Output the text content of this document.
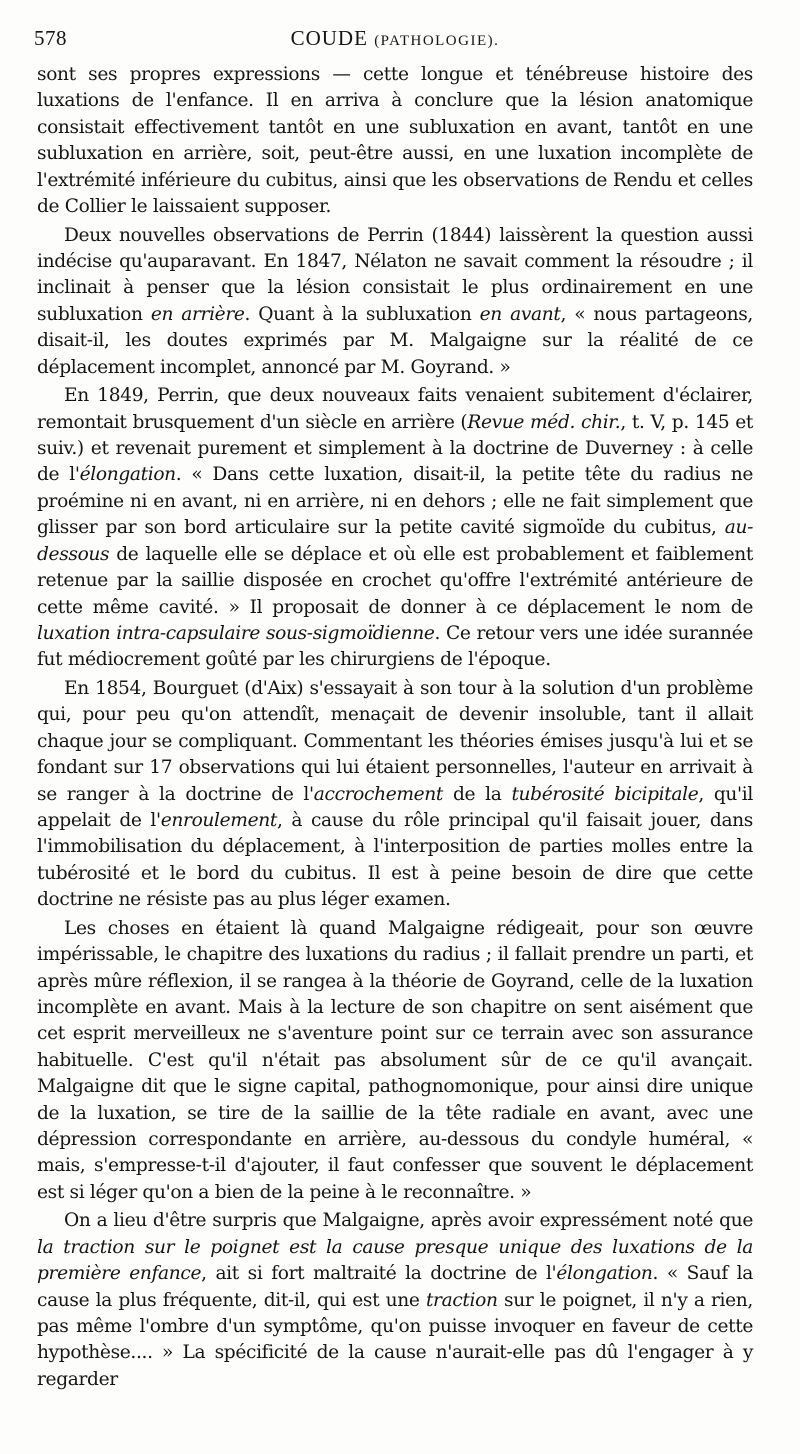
578	COUDE (PATHOLOGIE).

sont ses propres expressions — cette longue et ténébreuse histoire des luxations de l'enfance. Il en arriva à conclure que la lésion anatomique consistait effectivement tantôt en une subluxation en avant, tantôt en une subluxation en arrière, soit, peut-être aussi, en une luxation incomplète de l'extrémité inférieure du cubitus, ainsi que les observations de Rendu et celles de Collier le laissaient supposer.

Deux nouvelles observations de Perrin (1844) laissèrent la question aussi indécise qu'auparavant. En 1847, Nélaton ne savait comment la résoudre ; il inclinait à penser que la lésion consistait le plus ordinairement en une subluxation en arrière. Quant à la subluxation en avant, « nous partageons, disait-il, les doutes exprimés par M. Malgaigne sur la réalité de ce déplacement incomplet, annoncé par M. Goyrand. »

En 1849, Perrin, que deux nouveaux faits venaient subitement d'éclairer, remontait brusquement d'un siècle en arrière (Revue méd. chir., t. V, p. 145 et suiv.) et revenait purement et simplement à la doctrine de Duverney : à celle de l'élongation. « Dans cette luxation, disait-il, la petite tête du radius ne proémine ni en avant, ni en arrière, ni en dehors ; elle ne fait simplement que glisser par son bord articulaire sur la petite cavité sigmoïde du cubitus, au-dessous de laquelle elle se déplace et où elle est probablement et faiblement retenue par la saillie disposée en crochet qu'offre l'extrémité antérieure de cette même cavité. » Il proposait de donner à ce déplacement le nom de luxation intra-capsulaire sous-sigmoïdienne. Ce retour vers une idée surannée fut médiocrement goûté par les chirurgiens de l'époque.

En 1854, Bourguet (d'Aix) s'essayait à son tour à la solution d'un problème qui, pour peu qu'on attendît, menaçait de devenir insoluble, tant il allait chaque jour se compliquant. Commentant les théories émises jusqu'à lui et se fondant sur 17 observations qui lui étaient personnelles, l'auteur en arrivait à se ranger à la doctrine de l'accrochement de la tubérosité bicipitale, qu'il appelait de l'enroulement, à cause du rôle principal qu'il faisait jouer, dans l'immobilisation du déplacement, à l'interposition de parties molles entre la tubérosité et le bord du cubitus. Il est à peine besoin de dire que cette doctrine ne résiste pas au plus léger examen.

Les choses en étaient là quand Malgaigne rédigeait, pour son œuvre impérissable, le chapitre des luxations du radius ; il fallait prendre un parti, et après mûre réflexion, il se rangea à la théorie de Goyrand, celle de la luxation incomplète en avant. Mais à la lecture de son chapitre on sent aisément que cet esprit merveilleux ne s'aventure point sur ce terrain avec son assurance habituelle. C'est qu'il n'était pas absolument sûr de ce qu'il avançait. Malgaigne dit que le signe capital, pathognomonique, pour ainsi dire unique de la luxation, se tire de la saillie de la tête radiale en avant, avec une dépression correspondante en arrière, au-dessous du condyle huméral, « mais, s'empresse-t-il d'ajouter, il faut confesser que souvent le déplacement est si léger qu'on a bien de la peine à le reconnaître. »

On a lieu d'être surpris que Malgaigne, après avoir expressément noté que la traction sur le poignet est la cause presque unique des luxations de la première enfance, ait si fort maltraité la doctrine de l'élongation. « Sauf la cause la plus fréquente, dit-il, qui est une traction sur le poignet, il n'y a rien, pas même l'ombre d'un symptôme, qu'on puisse invoquer en faveur de cette hypothèse.... » La spécificité de la cause n'aurait-elle pas dû l'engager à y regarder
